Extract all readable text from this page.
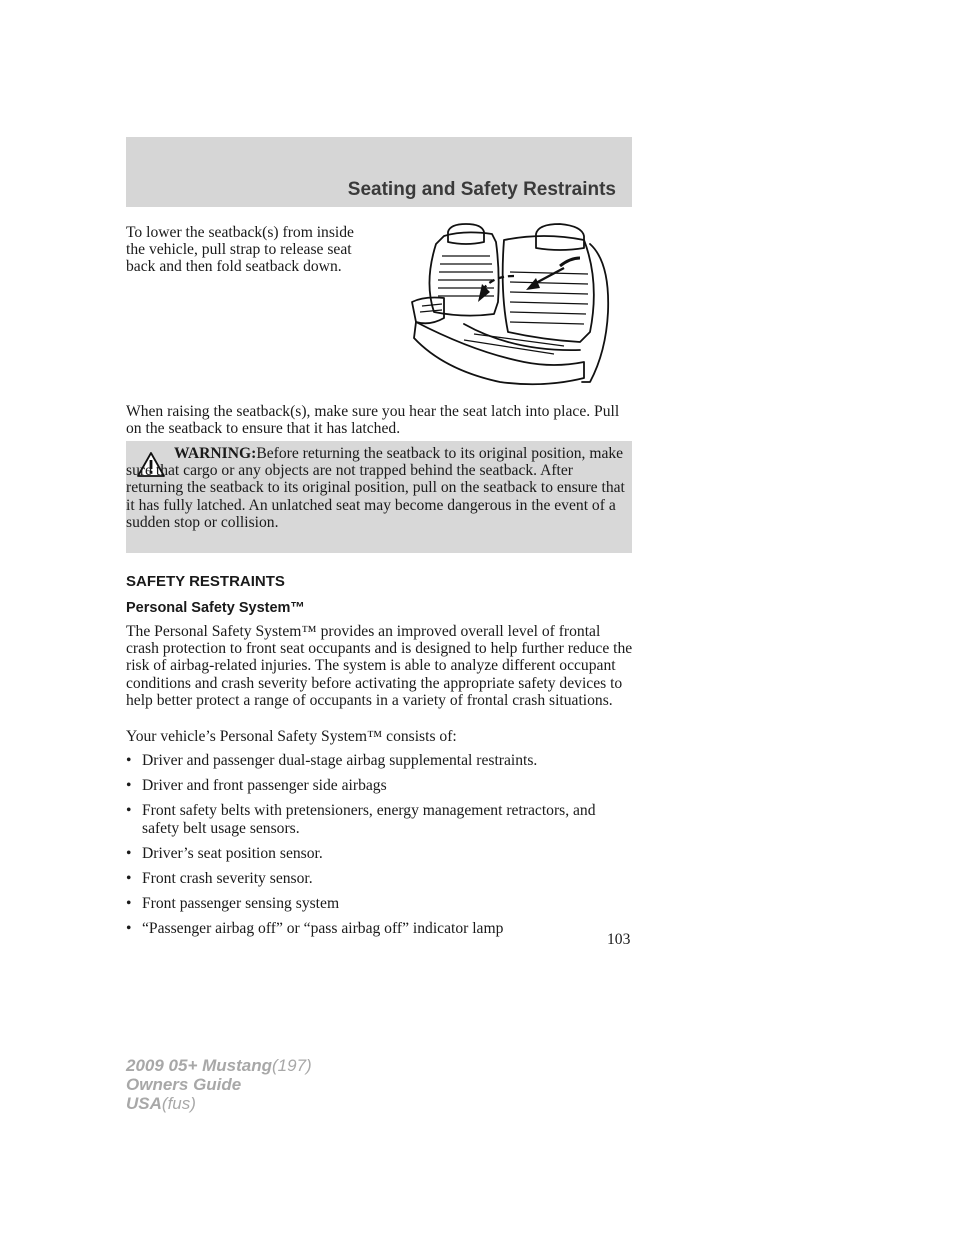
Seating and Safety Restraints

To lower the seatback(s) from inside the vehicle, pull strap to release seat back and then fold seatback down.

When raising the seatback(s), make sure you hear the seat latch into place. Pull on the seatback to ensure that it has latched.

WARNING:Before returning the seatback to its original position, make sure that cargo or any objects are not trapped behind the seatback. After returning the seatback to its original position, pull on the seatback to ensure that it has fully latched. An unlatched seat may become dangerous in the event of a sudden stop or collision.

SAFETY RESTRAINTS
Personal Safety System™

The Personal Safety System™ provides an improved overall level of frontal crash protection to front seat occupants and is designed to help further reduce the risk of airbag-related injuries. The system is able to analyze different occupant conditions and crash severity before activating the appropriate safety devices to help better protect a range of occupants in a variety of frontal crash situations.

Your vehicle’s Personal Safety System™ consists of:

• Driver and passenger dual-stage airbag supplemental restraints.
• Driver and front passenger side airbags
• Front safety belts with pretensioners, energy management retractors, and safety belt usage sensors.
• Driver’s seat position sensor.
• Front crash severity sensor.
• Front passenger sensing system
• “Passenger airbag off” or “pass airbag off” indicator lamp

103

2009 05+ Mustang(197)
Owners Guide
USA(fus)
